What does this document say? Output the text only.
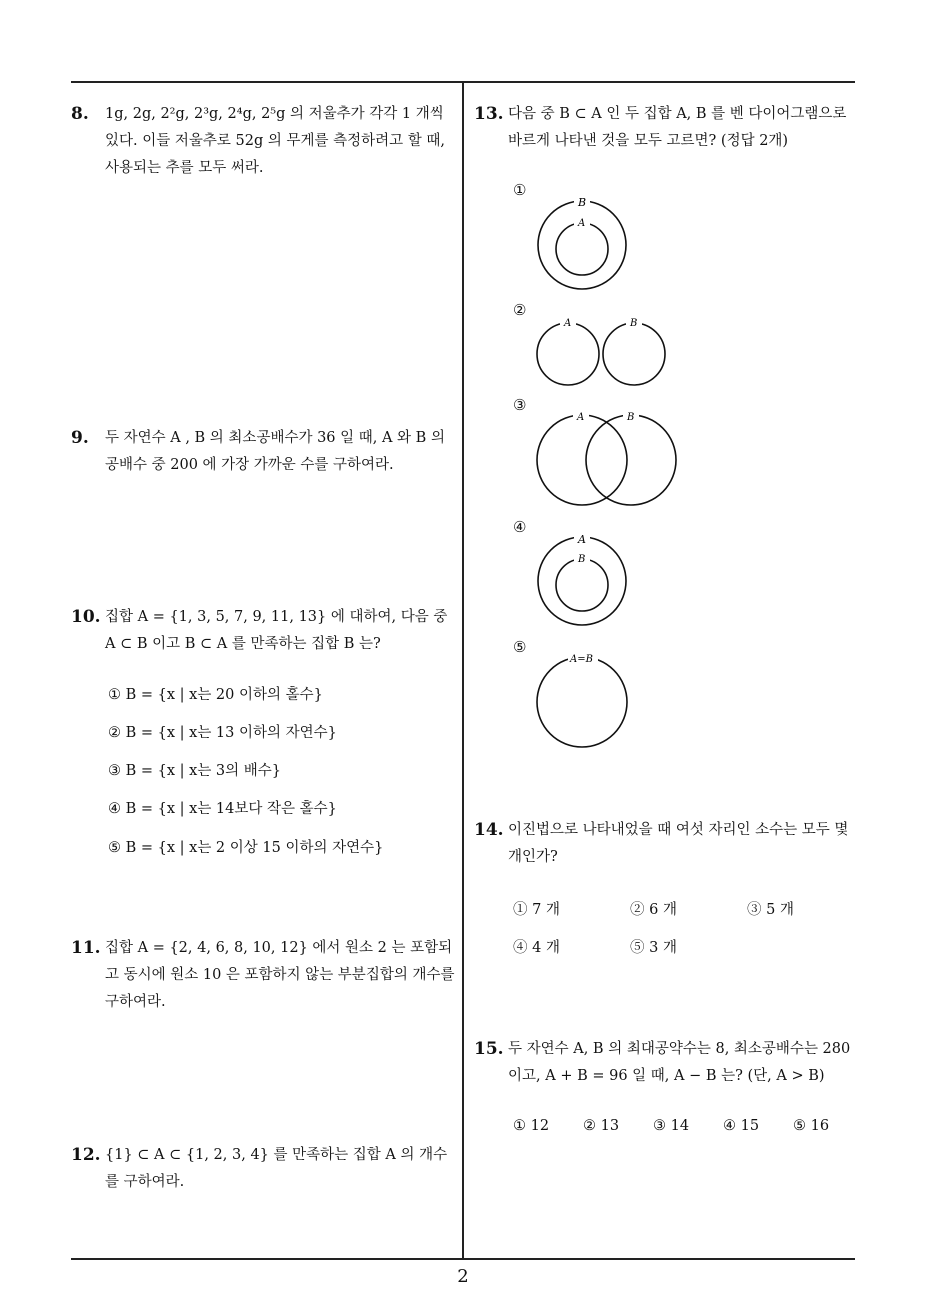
8. 1g, 2g, 2²g, 2³g, 2⁴g, 2⁵g 의 저울추가 각각 1 개씩 있다. 이들 저울추로 52g 의 무게를 측정하려고 할 때, 사용되는 추를 모두 써라.
9. 두 자연수 A , B 의 최소공배수가 36 일 때, A 와 B 의 공배수 중 200 에 가장 가까운 수를 구하여라.
10. 집합 A = {1, 3, 5, 7, 9, 11, 13} 에 대하여, 다음 중 A ⊂ B 이고 B ⊂ A 를 만족하는 집합 B 는?
① B = {x | x는 20 이하의 홀수}
② B = {x | x는 13 이하의 자연수}
③ B = {x | x는 3의 배수}
④ B = {x | x는 14보다 작은 홀수}
⑤ B = {x | x는 2 이상 15 이하의 자연수}
11. 집합 A = {2, 4, 6, 8, 10, 12} 에서 원소 2 는 포함되고 동시에 원소 10 은 포함하지 않는 부분집합의 개수를 구하여라.
12. {1} ⊂ A ⊂ {1, 2, 3, 4} 를 만족하는 집합 A 의 개수를 구하여라.
13. 다음 중 B ⊂ A 인 두 집합 A, B 를 벤 다이어그램으로 바르게 나타낸 것을 모두 고르면? (정답 2개)
①
B
A
②
A	B
③
A	B
④
A
B
⑤
A=B
14. 이진법으로 나타내었을 때 여섯 자리인 소수는 모두 몇 개인가?
① 7 개	② 6 개	③ 5 개
④ 4 개	⑤ 3 개
15. 두 자연수 A, B 의 최대공약수는 8, 최소공배수는 280 이고, A + B = 96 일 때, A − B 는? (단, A > B)
① 12 ② 13 ③ 14 ④ 15 ⑤ 16
2
